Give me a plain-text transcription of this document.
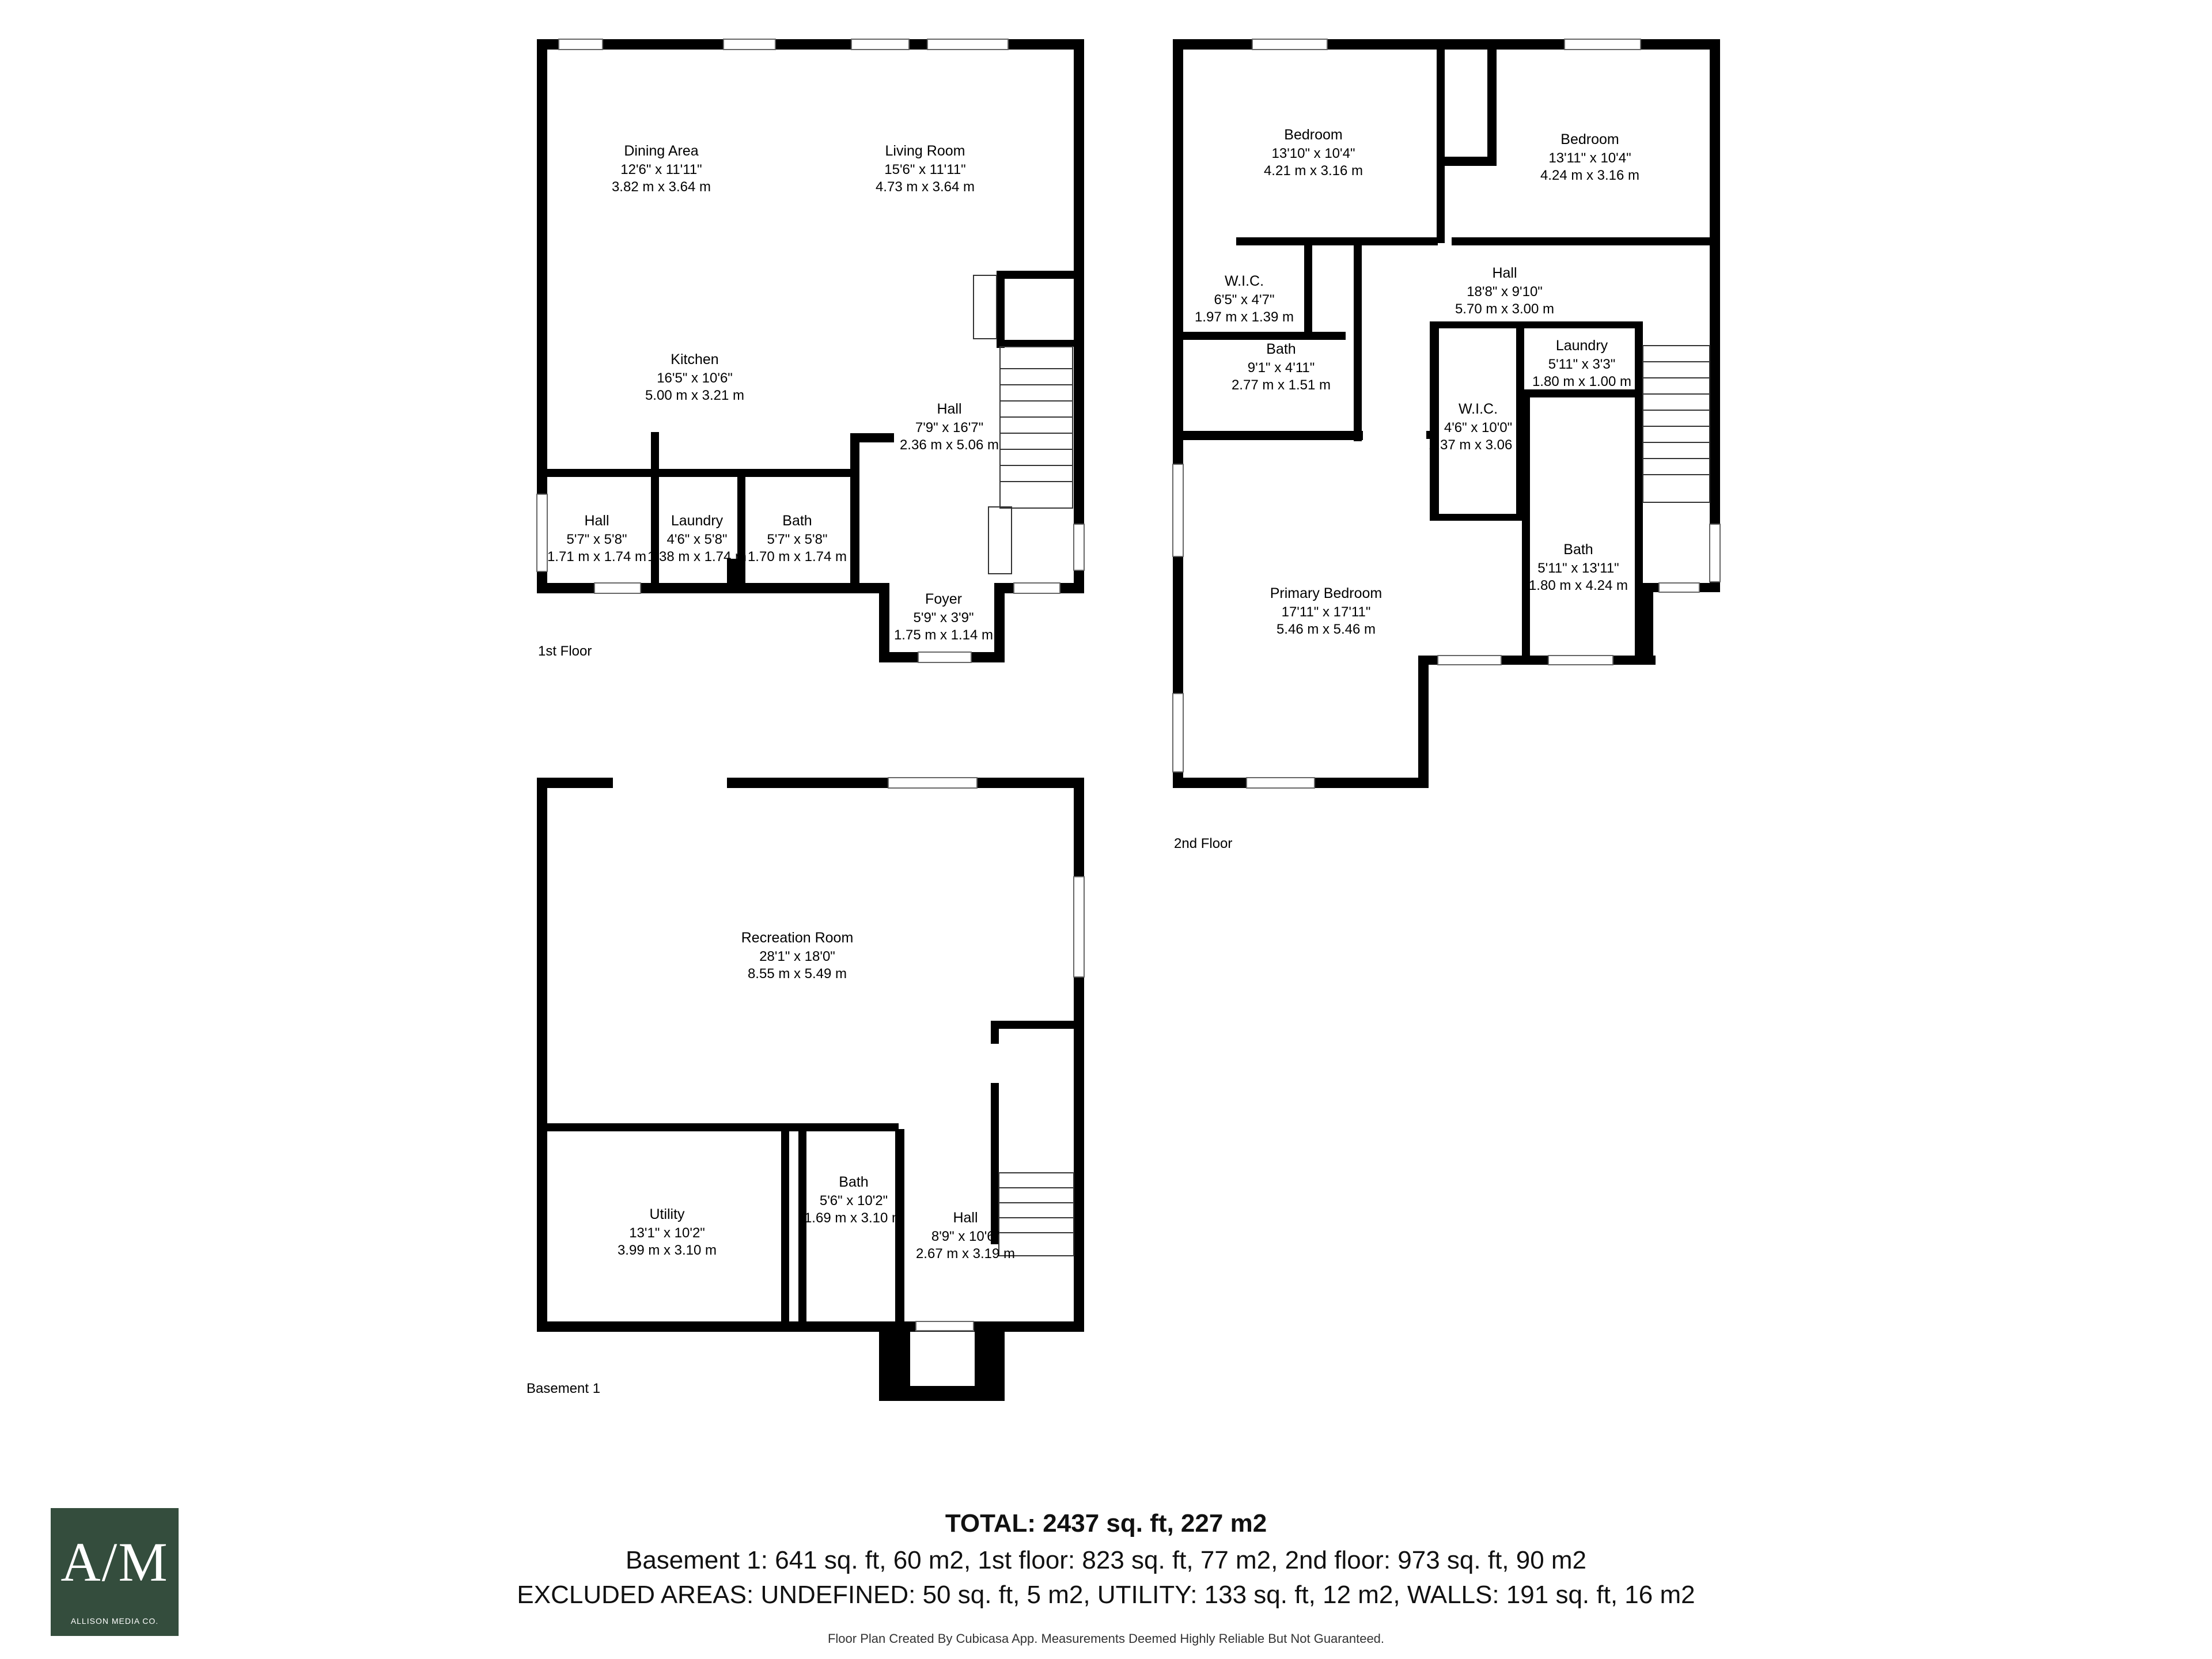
Dining Area
12'6" x 11'11"
3.82 m x 3.64 m
Living Room
15'6" x 11'11"
4.73 m x 3.64 m
Kitchen
16'5" x 10'6"
5.00 m x 3.21 m
Hall
7'9" x 16'7"
2.36 m x 5.06 m
Hall
5'7" x 5'8"
1.71 m x 1.74 m
Laundry
4'6" x 5'8"
1.38 m x 1.74 m
Bath
5'7" x 5'8"
1.70 m x 1.74 m
Foyer
5'9" x 3'9"
1.75 m x 1.14 m
Bedroom
13'10" x 10'4"
4.21 m x 3.16 m
Bedroom
13'11" x 10'4"
4.24 m x 3.16 m
Hall
18'8" x 9'10"
5.70 m x 3.00 m
W.I.C.
6'5" x 4'7"
1.97 m x 1.39 m
Bath
9'1" x 4'11"
2.77 m x 1.51 m
Laundry
5'11" x 3'3"
1.80 m x 1.00 m
W.I.C.
4'6" x 10'0"
1.37 m x 3.06 m
Primary Bedroom
17'11" x 17'11"
5.46 m x 5.46 m
Bath
5'11" x 13'11"
1.80 m x 4.24 m
Recreation Room
28'1" x 18'0"
8.55 m x 5.49 m
Utility
13'1" x 10'2"
3.99 m x 3.10 m
Bath
5'6" x 10'2"
1.69 m x 3.10 m	Hall
8'9" x 10'6"
2.67 m x 3.19 m
1st Floor
2nd Floor
Basement 1
A/M
ALLISON MEDIA CO.
TOTAL: 2437 sq. ft, 227 m2
Basement 1: 641 sq. ft, 60 m2, 1st floor: 823 sq. ft, 77 m2, 2nd floor: 973 sq. ft, 90 m2
EXCLUDED AREAS: UNDEFINED: 50 sq. ft, 5 m2, UTILITY: 133 sq. ft, 12 m2, WALLS: 191 sq. ft, 16 m2
Floor Plan Created By Cubicasa App. Measurements Deemed Highly Reliable But Not Guaranteed.
